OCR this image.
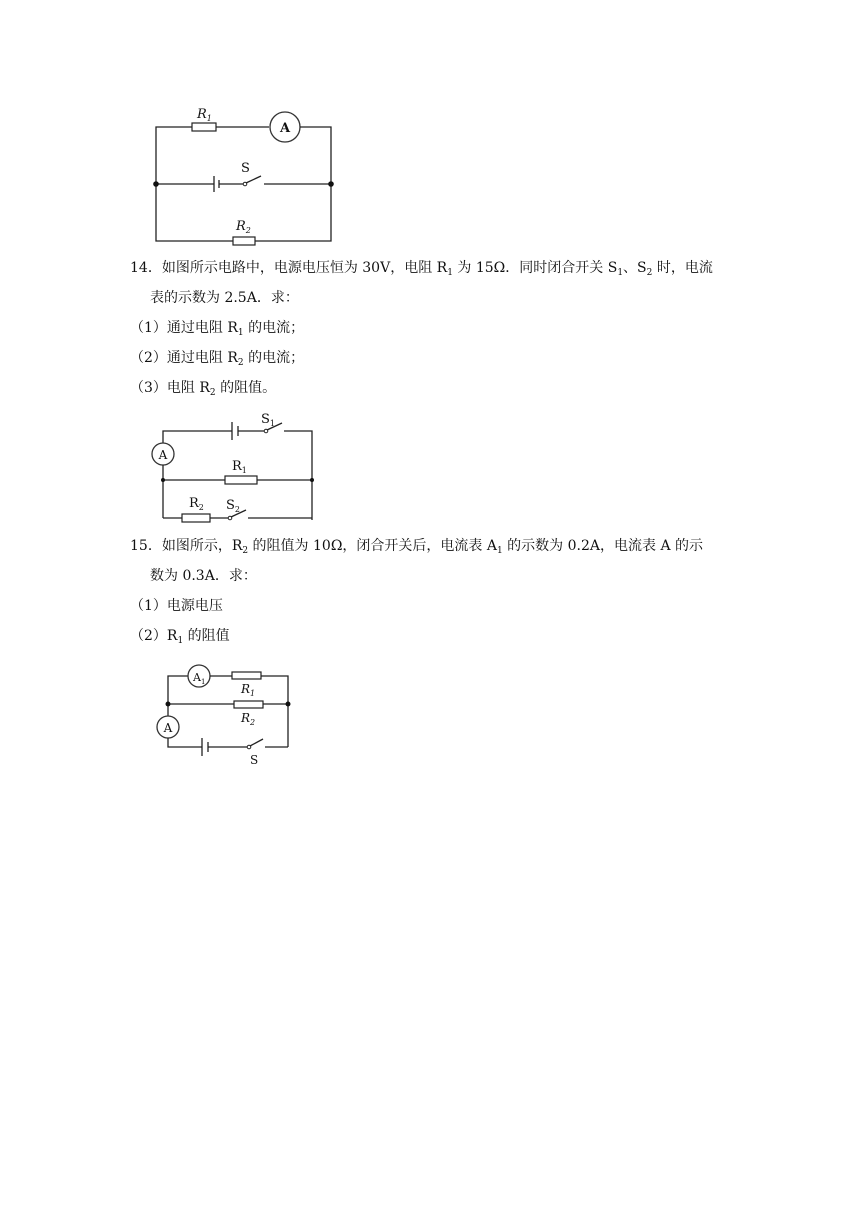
A
$R_1$
S
$R_2$
14．如图所示电路中，电源电压恒为 30V，电阻 $R_1$ 为 15Ω．同时闭合开关 $S_1$、$S_2$ 时，电流
表的示数为 2.5A．求：
（1）通过电阻 $R_1$ 的电流；
（2）通过电阻 $R_2$ 的电流；
（3）电阻 $R_2$ 的阻值。
$S_1$
A
$R_1$
$R_2$ $S_2$
15．如图所示，$R_2$ 的阻值为 10Ω，闭合开关后，电流表 $A_1$ 的示数为 0.2A，电流表 A 的示
数为 0.3A．求：
（1）电源电压
$(2)R_1$ 的阻值
$A_1$	$R_1$
$R_2$
A
S
